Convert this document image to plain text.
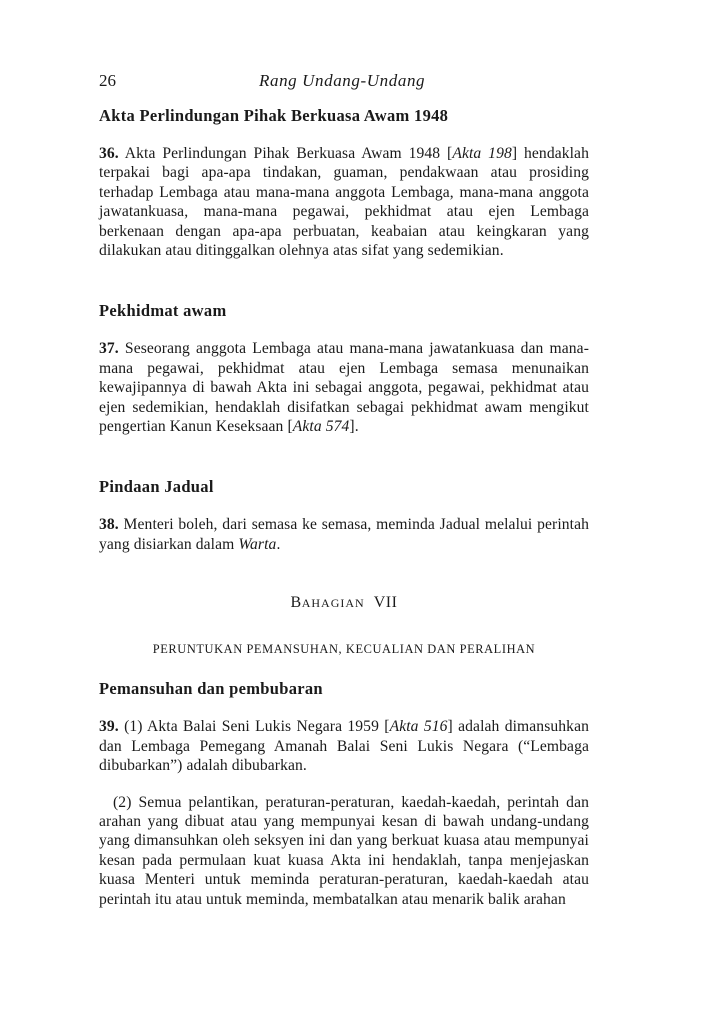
26	Rang Undang-Undang

Akta Perlindungan Pihak Berkuasa Awam 1948

36. Akta Perlindungan Pihak Berkuasa Awam 1948 [Akta 198] hendaklah terpakai bagi apa-apa tindakan, guaman, pendakwaan atau prosiding terhadap Lembaga atau mana-mana anggota Lembaga, mana-mana anggota jawatankuasa, mana-mana pegawai, pekhidmat atau ejen Lembaga berkenaan dengan apa-apa perbuatan, keabaian atau keingkaran yang dilakukan atau ditinggalkan olehnya atas sifat yang sedemikian.

Pekhidmat awam

37. Seseorang anggota Lembaga atau mana-mana jawatankuasa dan mana-mana pegawai, pekhidmat atau ejen Lembaga semasa menunaikan kewajipannya di bawah Akta ini sebagai anggota, pegawai, pekhidmat atau ejen sedemikian, hendaklah disifatkan sebagai pekhidmat awam mengikut pengertian Kanun Keseksaan [Akta 574].

Pindaan Jadual

38. Menteri boleh, dari semasa ke semasa, meminda Jadual melalui perintah yang disiarkan dalam Warta.

BAHAGIAN VII

PERUNTUKAN PEMANSUHAN, KECUALIAN DAN PERALIHAN

Pemansuhan dan pembubaran

39. (1) Akta Balai Seni Lukis Negara 1959 [Akta 516] adalah dimansuhkan dan Lembaga Pemegang Amanah Balai Seni Lukis Negara (“Lembaga dibubarkan”) adalah dibubarkan.

(2) Semua pelantikan, peraturan-peraturan, kaedah-kaedah, perintah dan arahan yang dibuat atau yang mempunyai kesan di bawah undang-undang yang dimansuhkan oleh seksyen ini dan yang berkuat kuasa atau mempunyai kesan pada permulaan kuat kuasa Akta ini hendaklah, tanpa menjejaskan kuasa Menteri untuk meminda peraturan-peraturan, kaedah-kaedah atau perintah itu atau untuk meminda, membatalkan atau menarik balik arahan
